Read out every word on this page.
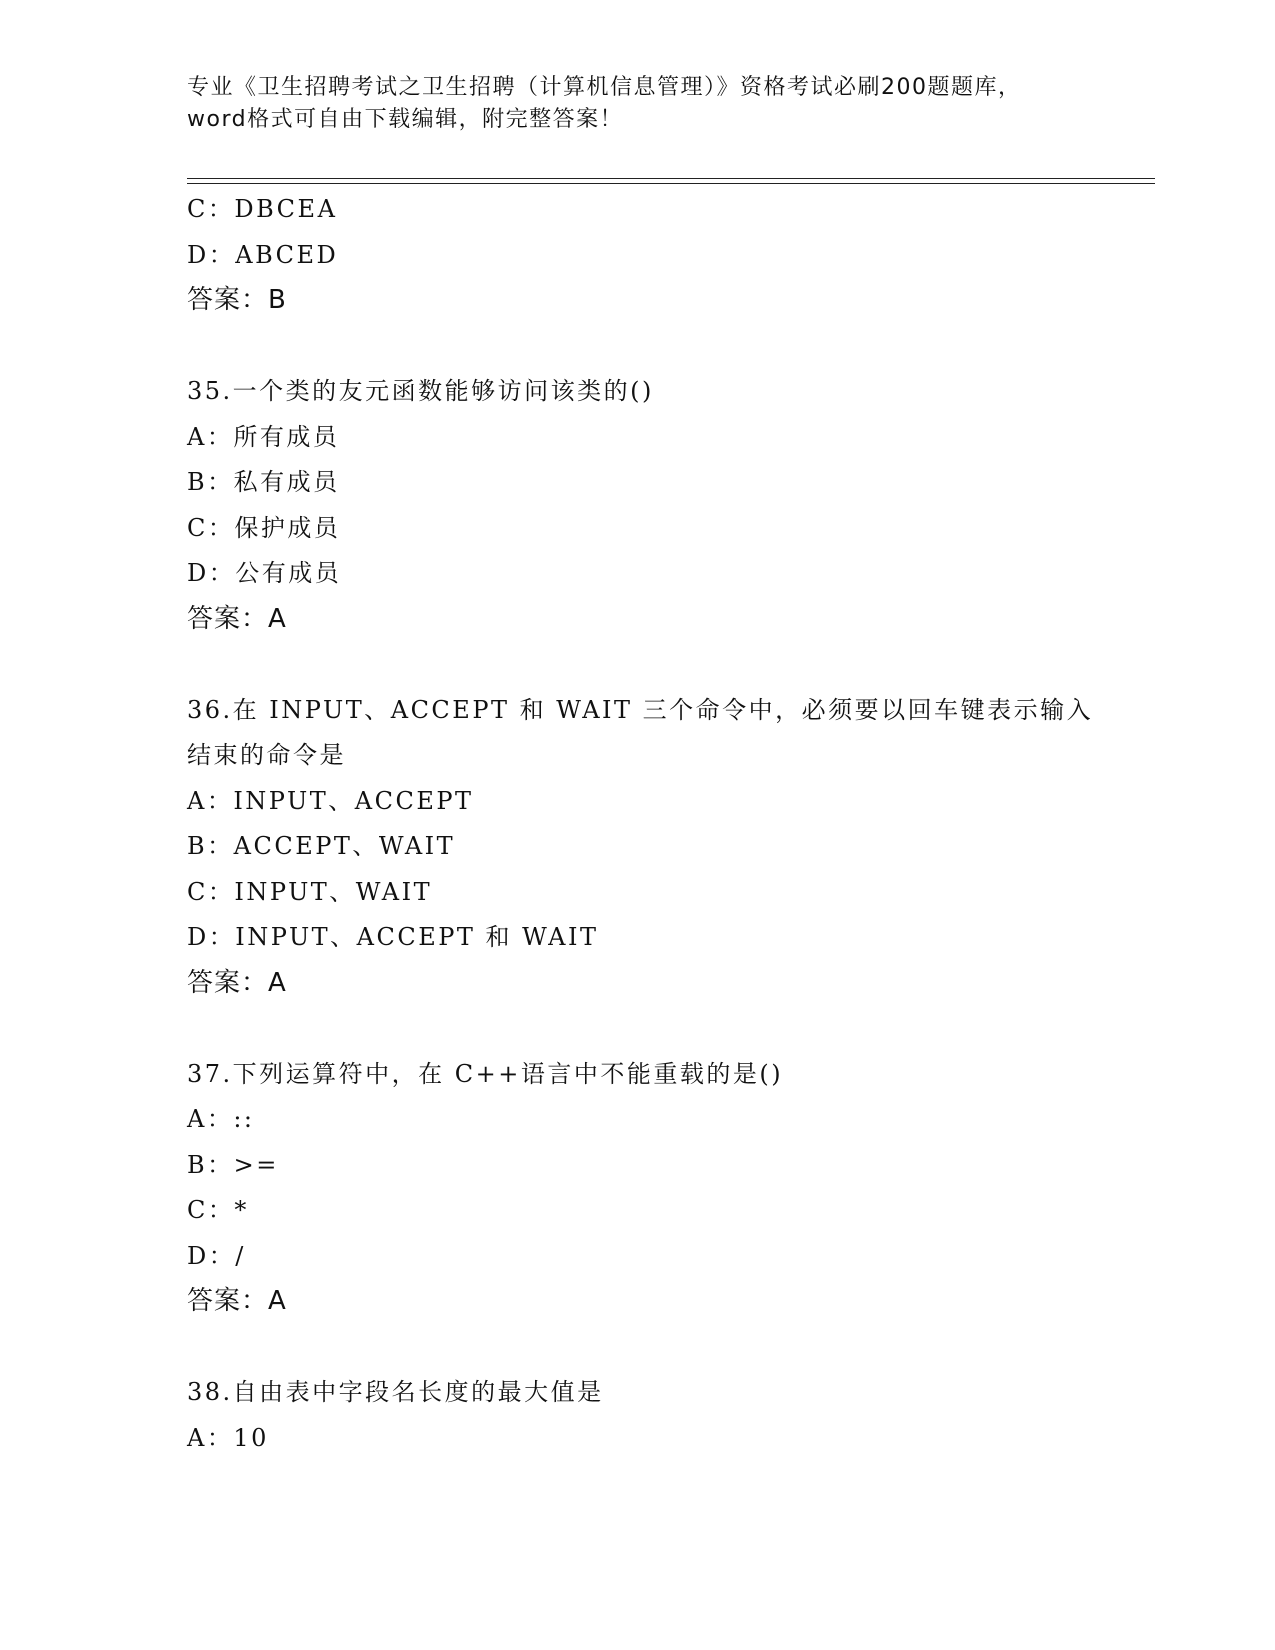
专业《卫生招聘考试之卫生招聘（计算机信息管理）》资格考试必刷200题题库，
word格式可自由下载编辑，附完整答案！
C：DBCEA
D：ABCED
答案：B
35.一个类的友元函数能够访问该类的()
A：所有成员
B：私有成员
C：保护成员
D：公有成员
答案：A
36.在 INPUT、ACCEPT 和 WAIT 三个命令中，必须要以回车键表示输入
结束的命令是
A：INPUT、ACCEPT
B：ACCEPT、WAIT
C：INPUT、WAIT
D：INPUT、ACCEPT 和 WAIT
答案：A
37.下列运算符中，在 C++语言中不能重载的是()
A：::
B：>=
C：*
D：/
答案：A
38.自由表中字段名长度的最大值是
A：10
